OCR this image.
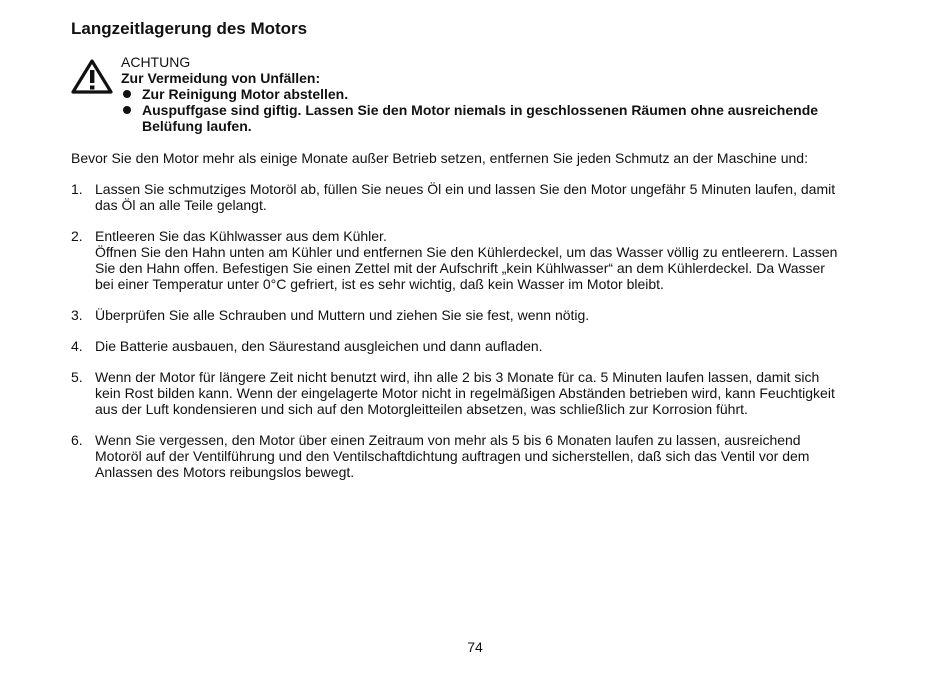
Langzeitlagerung des Motors
ACHTUNG
Zur Vermeidung von Unfällen:
Zur Reinigung Motor abstellen.
Auspuffgase sind giftig. Lassen Sie den Motor niemals in geschlossenen Räumen ohne ausreichende Belüfung laufen.

Bevor Sie den Motor mehr als einige Monate außer Betrieb setzen, entfernen Sie jeden Schmutz an der Maschine und:

1. Lassen Sie schmutziges Motoröl ab, füllen Sie neues Öl ein und lassen Sie den Motor ungefähr 5 Minuten laufen, damit das Öl an alle Teile gelangt.

2. Entleeren Sie das Kühlwasser aus dem Kühler.

Öffnen Sie den Hahn unten am Kühler und entfernen Sie den Kühlerdeckel, um das Wasser völlig zu entleerern. Lassen Sie den Hahn offen. Befestigen Sie einen Zettel mit der Aufschrift „kein Kühlwasser“ an dem Kühlerdeckel. Da Wasser bei einer Temperatur unter 0°C gefriert, ist es sehr wichtig, daß kein Wasser im Motor bleibt.

3. Überprüfen Sie alle Schrauben und Muttern und ziehen Sie sie fest, wenn nötig.

4. Die Batterie ausbauen, den Säurestand ausgleichen und dann aufladen.

5. Wenn der Motor für längere Zeit nicht benutzt wird, ihn alle 2 bis 3 Monate für ca. 5 Minuten laufen lassen, damit sich kein Rost bilden kann. Wenn der eingelagerte Motor nicht in regelmäßigen Abständen betrieben wird, kann Feuchtigkeit aus der Luft kondensieren und sich auf den Motorgleitteilen absetzen, was schließlich zur Korrosion führt.

6. Wenn Sie vergessen, den Motor über einen Zeitraum von mehr als 5 bis 6 Monaten laufen zu lassen, ausreichend Motoröl auf der Ventilführung und den Ventilschaftdichtung auftragen und sicherstellen, daß sich das Ventil vor dem Anlassen des Motors reibungslos bewegt.

74
